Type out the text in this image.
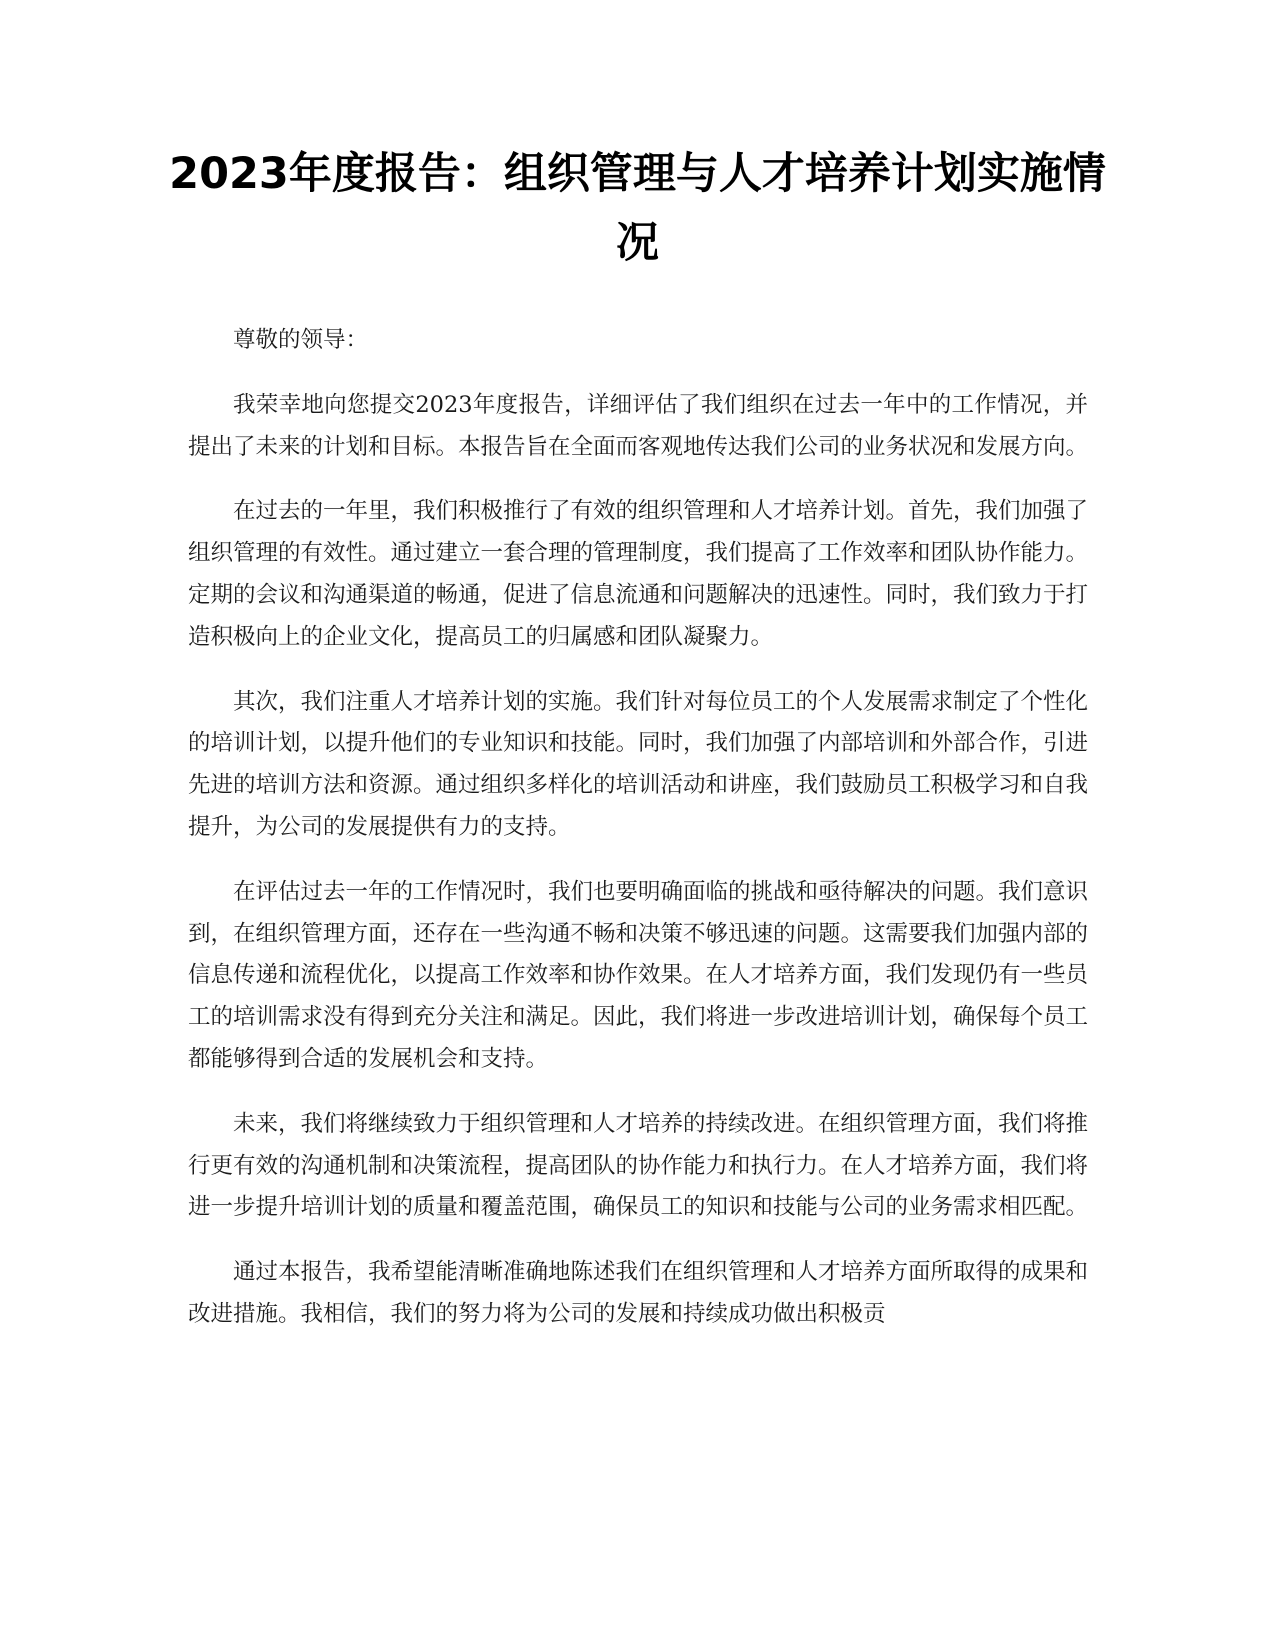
2023年度报告：组织管理与人才培养计划实施情况

尊敬的领导：

我荣幸地向您提交2023年度报告，详细评估了我们组织在过去一年中的工作情况，并提出了未来的计划和目标。本报告旨在全面而客观地传达我们公司的业务状况和发展方向。

在过去的一年里，我们积极推行了有效的组织管理和人才培养计划。首先，我们加强了组织管理的有效性。通过建立一套合理的管理制度，我们提高了工作效率和团队协作能力。定期的会议和沟通渠道的畅通，促进了信息流通和问题解决的迅速性。同时，我们致力于打造积极向上的企业文化，提高员工的归属感和团队凝聚力。

其次，我们注重人才培养计划的实施。我们针对每位员工的个人发展需求制定了个性化的培训计划，以提升他们的专业知识和技能。同时，我们加强了内部培训和外部合作，引进先进的培训方法和资源。通过组织多样化的培训活动和讲座，我们鼓励员工积极学习和自我提升，为公司的发展提供有力的支持。

在评估过去一年的工作情况时，我们也要明确面临的挑战和亟待解决的问题。我们意识到，在组织管理方面，还存在一些沟通不畅和决策不够迅速的问题。这需要我们加强内部的信息传递和流程优化，以提高工作效率和协作效果。在人才培养方面，我们发现仍有一些员工的培训需求没有得到充分关注和满足。因此，我们将进一步改进培训计划，确保每个员工都能够得到合适的发展机会和支持。

未来，我们将继续致力于组织管理和人才培养的持续改进。在组织管理方面，我们将推行更有效的沟通机制和决策流程，提高团队的协作能力和执行力。在人才培养方面，我们将进一步提升培训计划的质量和覆盖范围，确保员工的知识和技能与公司的业务需求相匹配。

通过本报告，我希望能清晰准确地陈述我们在组织管理和人才培养方面所取得的成果和改进措施。我相信，我们的努力将为公司的发展和持续成功做出积极贡
